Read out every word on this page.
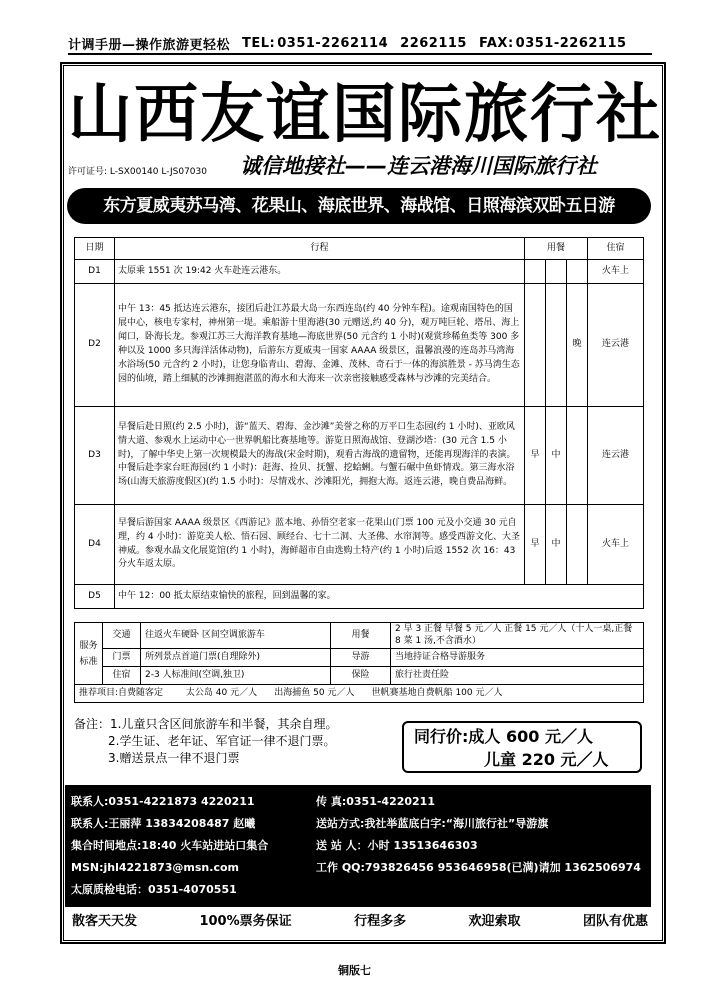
计调手册—操作旅游更轻松 TEL: 0351-2262114 2262115 FAX: 0351-2262115
山西友谊国际旅行社
许可证号: L-SX00140 L-JS07030 诚信地接社——连云港海川国际旅行社
东方夏威夷苏马湾、花果山、海底世界、海战馆、日照海滨双卧五日游
日期	行程	用餐			住宿
D1	太原乘 1551 次 19:42 火车赴连云港东。				火车上
D2	中午 13：45 抵达连云港东，接团后赴江苏最大岛一东西连岛(约 40 分钟车程)。途观南国特色的国展中心，核电专家村，神州第一堤。乘船游十里海港(30 元赠送,约 40 分)，观万吨巨轮、塔吊、海上闻口，卧海长龙。参观江苏三大海洋教育基地—海底世界(50 元含约 1 小时)(观赏珍稀鱼类等 300 多种以及 1000 多只海洋活体动物)，后游东方夏威夷一国家 AAAA 级景区，温馨浪漫的连岛苏马湾海水浴场(50 元含约 2 小时)，让您身临青山、碧海、金滩、茂林、奇石于一体的海滨胜景 - 苏马湾生态园的仙境，踏上细腻的沙滩拥抱湛蓝的海水和大海来一次亲密接触感受森林与沙滩的完美结合。			晚	连云港
D3	早餐后赴日照(约 2.5 小时)，游“蓝天、碧海、金沙滩”美誉之称的万平口生态园(约 1 小时)、亚欧风情大道、参观水上运动中心一世界帆船比赛基地等。游览日照海战馆、登湖沙塔：(30 元含 1.5 小时)，了解中华史上第一次规模最大的海战(宋金时期)，观看古海战的遗留物，还能再现海洋的表演。中餐后赴李家台旺海园(约 1 小时)：赶海、捡贝、抚蟹、挖蛤蜊。与蟹石碾中鱼虾情戏。第三海水浴场(山海天旅游度假区)(约 1.5 小时)：尽情戏水、沙滩阳光，拥抱大海。返连云港，晚自费品海鲜。	早	中		连云港
D4	早餐后游国家 AAAA 级景区《西游记》蓝本地、孙悟空老家一花果山(门票 100 元及小交通 30 元自理，约 4 小时)：游览美人松、悟石园、顾经台、七十二洞、大圣佛、水帘洞等。感受西游文化、大圣神威。参观水晶文化展览馆(约 1 小时)，海鲜超市自由选购土特产(约 1 小时)后返 1552 次 16：43 分火车返太原。	早	中		火车上
D5	中午 12：00 抵太原结束愉快的旅程，回到温馨的家。				
服务标准	交通	往返火车硬卧 区间空调旅游车	用餐	2 早 3 正餐 早餐 5 元／人 正餐 15 元／人（十人一桌,正餐 8 菜 1 汤,不含酒水）
	门票	所列景点首道门票(自理除外)	导游	当地持证合格导游服务
	住宿	2-3 人标准间(空调,独卫)	保险	旅行社责任险
推荐项目:自费随客定        太公岛 40 元／人      出海捕鱼 50 元／人      世帆赛基地自费帆船 100 元／人				
备注：1.儿童只含区间旅游车和半餐，其余自理。
2.学生证、老年证、军官证一律不退门票。
3.赠送景点一律不退门票
同行价:成人 600 元／人
儿童 220 元／人
联系人:0351-4221873 4220211	传 真:0351-4220211
联系人:王丽萍 13834208487 赵曦	送站方式:我社举蓝底白字:“海川旅行社”导游旗
集合时间地点:18:40 火车站进站口集合	送 站 人：小时 13513646303
MSN:jhl4221873@msn.com	工作 QQ:793826456 953646958(已满)请加 1362506974
太原质检电话：0351-4070551
散客天天发	100%票务保证	行程多多	欢迎索取	团队有优惠
铜版七
